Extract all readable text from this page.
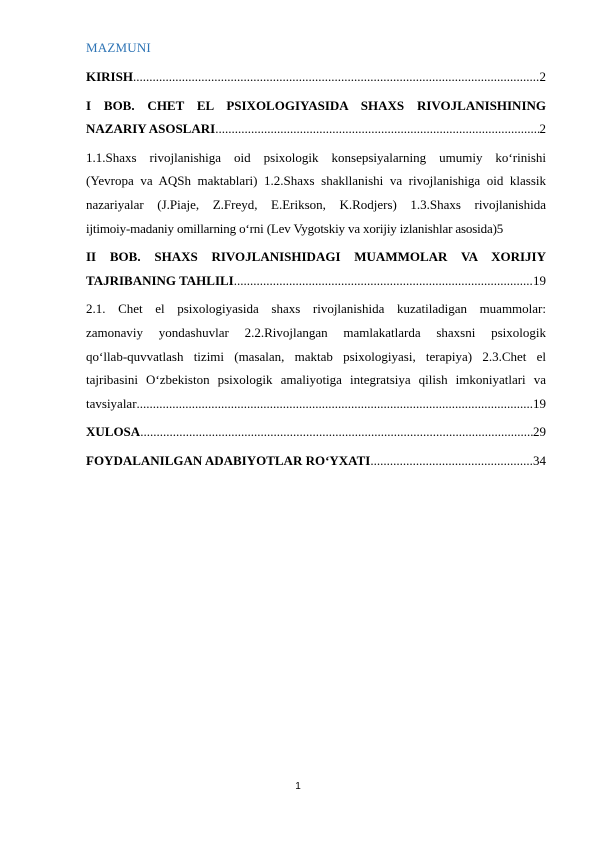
MAZMUNI
KIRISH .....	2
I BOB. CHET EL PSIXOLOGIYASIDA SHAXS RIVOJLANISHINING
NAZARIY ASOSLARI .....	2
1.1.Shaxs rivojlanishiga oid psixologik konsepsiyalarning umumiy ko‘rinishi
(Yevropa va AQSh maktablari) 1.2.Shaxs shakllanishi va rivojlanishiga oid klassik
nazariyalar (J.Piaje, Z.Freyd, E.Erikson, K.Rodjers) 1.3.Shaxs rivojlanishida
ijtimoiy-madaniy omillarning o‘rni (Lev Vygotskiy va xorijiy izlanishlar asosida) 5
II BOB. SHAXS RIVOJLANISHIDAGI MUAMMOLAR VA XORIJIY
TAJRIBANING TAHLILI .....	19
2.1. Chet el psixologiyasida shaxs rivojlanishida kuzatiladigan muammolar:
zamonaviy yondashuvlar 2.2.Rivojlangan mamlakatlarda shaxsni psixologik
qo‘llab-quvvatlash tizimi (masalan, maktab psixologiyasi, terapiya) 2.3.Chet el
tajribasini O‘zbekiston psixologik amaliyotiga integratsiya qilish imkoniyatlari va
tavsiyalar .....	19
XULOSA .....	29
FOYDALANILGAN ADABIYOTLAR RO‘YXATI .....	34
1
